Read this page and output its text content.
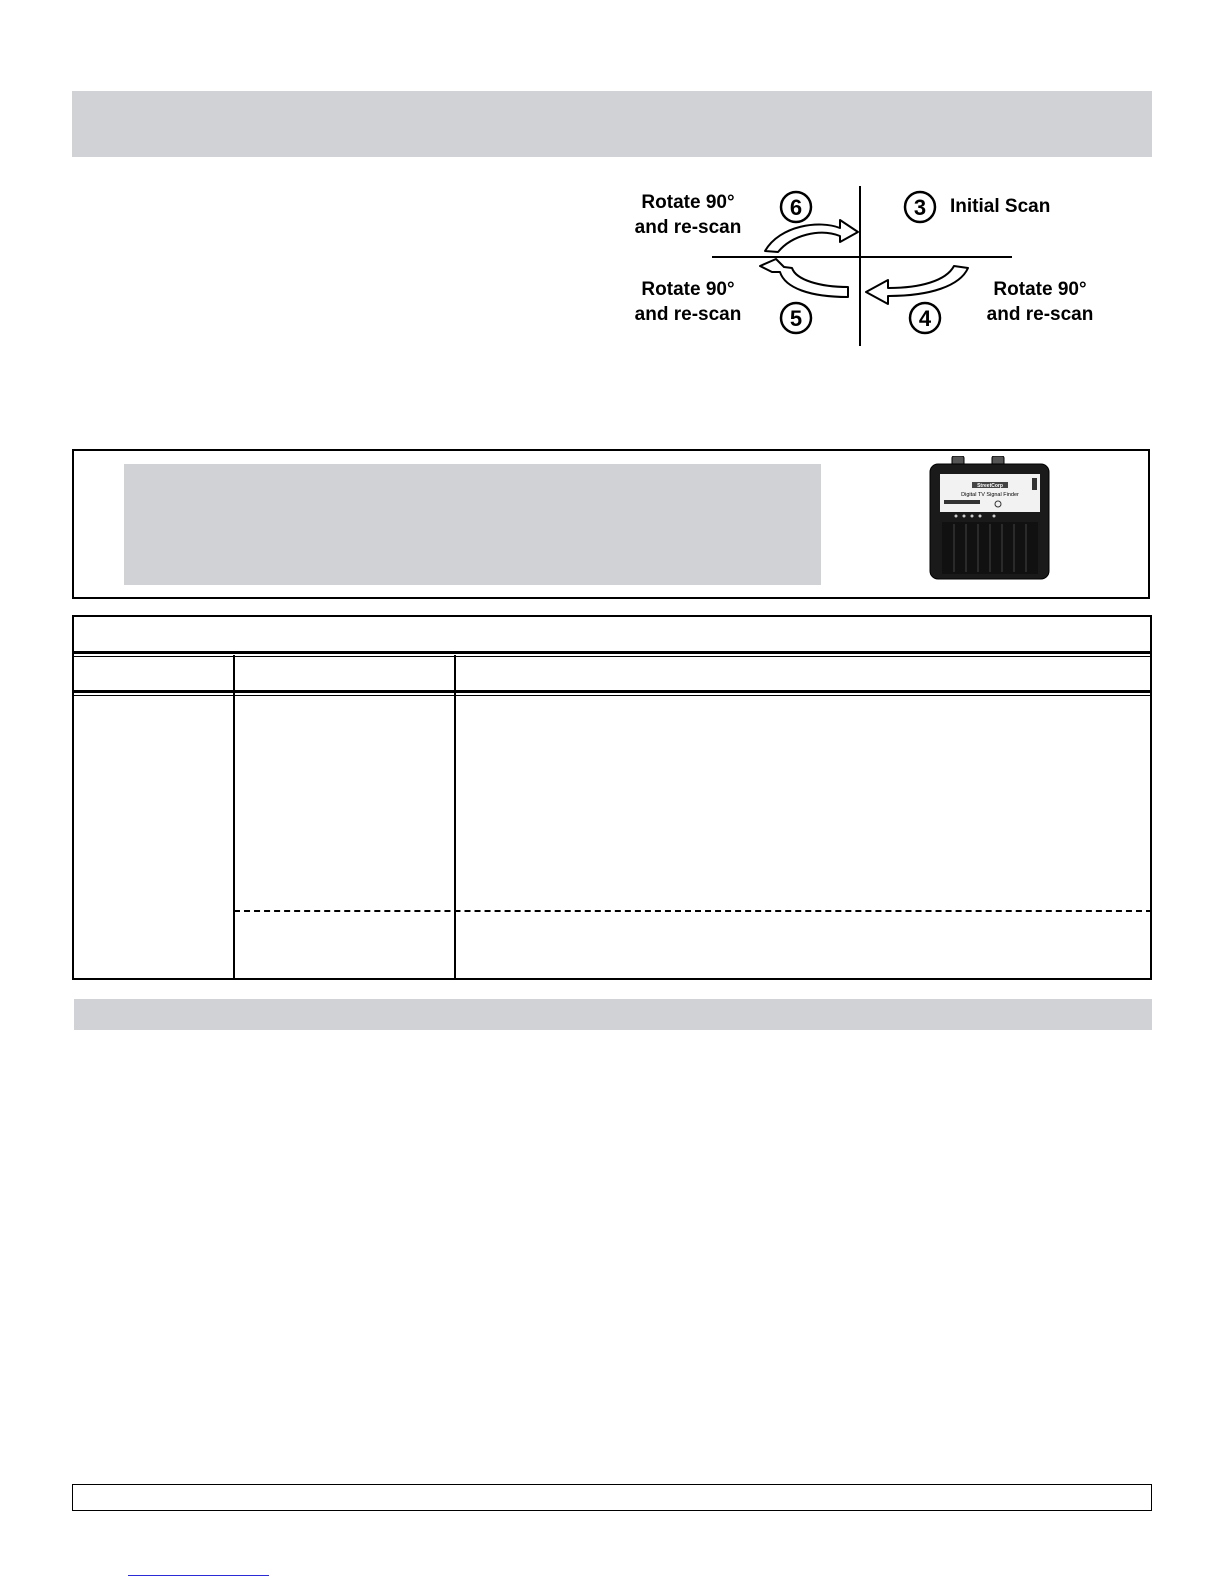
6	3
5	4
Rotate 90°
and re-scan
Initial Scan
Rotate 90°
and re-scan
Rotate 90°
and re-scan
StreetCorp
Digital TV Signal Finder
